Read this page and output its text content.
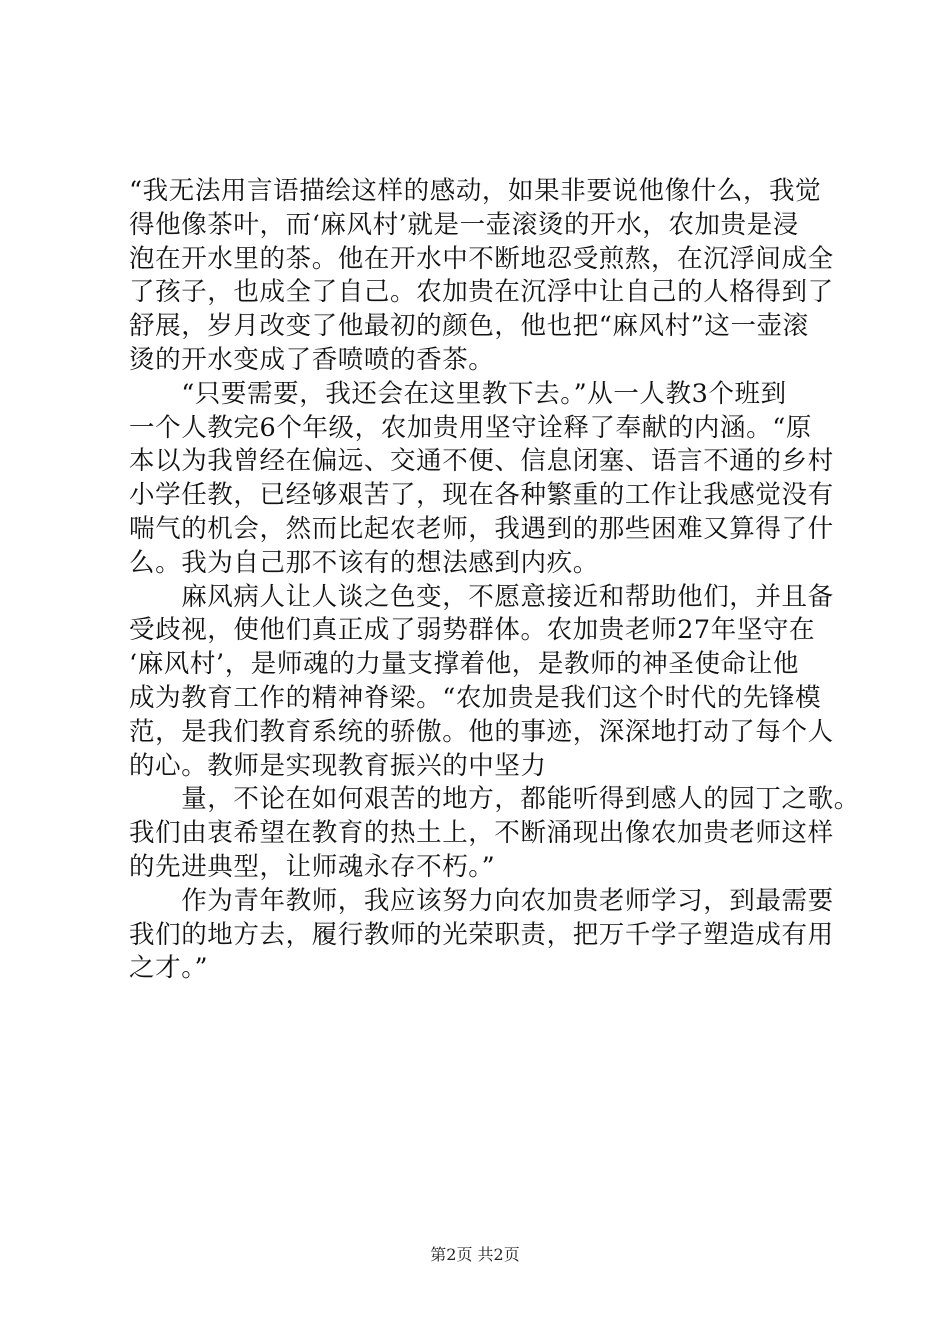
“我无法用言语描绘这样的感动，如果非要说他像什么，我觉
得他像茶叶，而‘麻风村’就是一壶滚烫的开水，农加贵是浸
泡在开水里的茶。他在开水中不断地忍受煎熬，在沉浮间成全
了孩子，也成全了自己。农加贵在沉浮中让自己的人格得到了
舒展，岁月改变了他最初的颜色，他也把“麻风村”这一壶滚
烫的开水变成了香喷喷的香茶。
　　“只要需要，我还会在这里教下去。”从一人教3个班到
一个人教完6个年级，农加贵用坚守诠释了奉献的内涵。“原
本以为我曾经在偏远、交通不便、信息闭塞、语言不通的乡村
小学任教，已经够艰苦了，现在各种繁重的工作让我感觉没有
喘气的机会，然而比起农老师，我遇到的那些困难又算得了什
么。我为自己那不该有的想法感到内疚。
　　麻风病人让人谈之色变，不愿意接近和帮助他们，并且备
受歧视，使他们真正成了弱势群体。农加贵老师27年坚守在
‘麻风村’，是师魂的力量支撑着他，是教师的神圣使命让他
成为教育工作的精神脊梁。“农加贵是我们这个时代的先锋模
范，是我们教育系统的骄傲。他的事迹，深深地打动了每个人
的心。教师是实现教育振兴的中坚力
　　量，不论在如何艰苦的地方，都能听得到感人的园丁之歌。
我们由衷希望在教育的热土上，不断涌现出像农加贵老师这样
的先进典型，让师魂永存不朽。”
　　作为青年教师，我应该努力向农加贵老师学习，到最需要
我们的地方去，履行教师的光荣职责，把万千学子塑造成有用
之才。”
第2页 共2页
